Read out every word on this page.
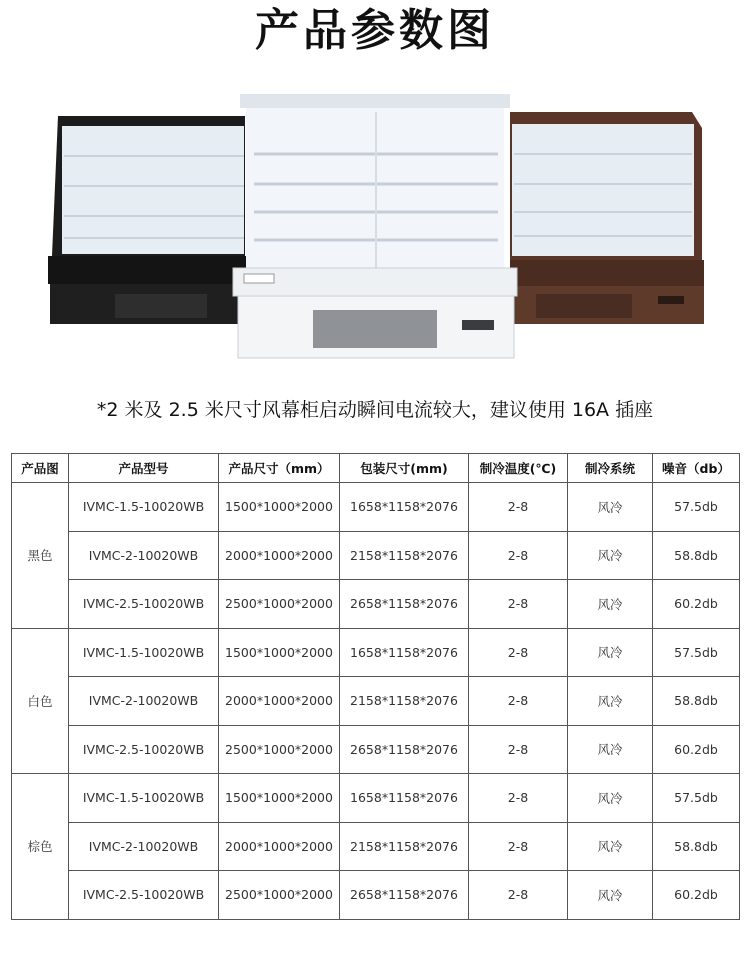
产品参数图
*2 米及 2.5 米尺寸风幕柜启动瞬间电流较大，建议使用 16A 插座
产品图	产品型号	产品尺寸（mm）	包装尺寸(mm)	制冷温度(℃)	制冷系统	噪音（db）
黑色	IVMC-1.5-10020WB	1500*1000*2000	1658*1158*2076	2-8	风冷	57.5db
	IVMC-2-10020WB	2000*1000*2000	2158*1158*2076	2-8	风冷	58.8db
	IVMC-2.5-10020WB	2500*1000*2000	2658*1158*2076	2-8	风冷	60.2db
白色	IVMC-1.5-10020WB	1500*1000*2000	1658*1158*2076	2-8	风冷	57.5db
	IVMC-2-10020WB	2000*1000*2000	2158*1158*2076	2-8	风冷	58.8db
	IVMC-2.5-10020WB	2500*1000*2000	2658*1158*2076	2-8	风冷	60.2db
棕色	IVMC-1.5-10020WB	1500*1000*2000	1658*1158*2076	2-8	风冷	57.5db
	IVMC-2-10020WB	2000*1000*2000	2158*1158*2076	2-8	风冷	58.8db
	IVMC-2.5-10020WB	2500*1000*2000	2658*1158*2076	2-8	风冷	60.2db
